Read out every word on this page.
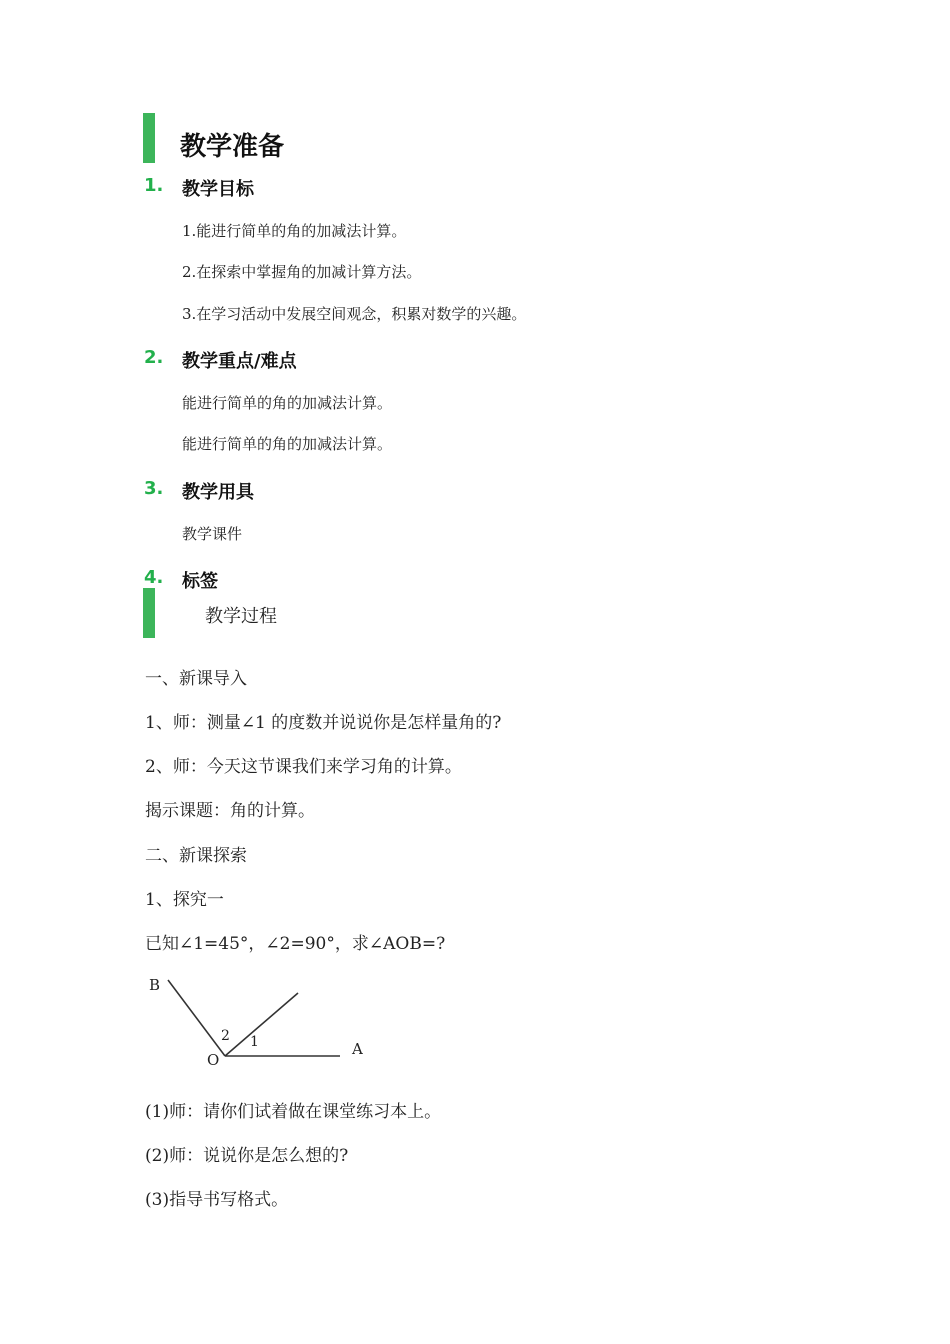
教学准备
1. 教学目标
1.能进行简单的角的加减法计算。
2.在探索中掌握角的加减计算方法。
3.在学习活动中发展空间观念，积累对数学的兴趣。
2. 教学重点/难点
能进行简单的角的加减法计算。
能进行简单的角的加减法计算。
3. 教学用具
教学课件
4. 标签
教学过程
一、新课导入
1、师：测量∠1 的度数并说说你是怎样量角的?
2、师：今天这节课我们来学习角的计算。
揭示课题：角的计算。
二、新课探索
1、探究一
已知∠1=45°，∠2=90°，求∠AOB=?
B
O
A
2 1
(1)师：请你们试着做在课堂练习本上。
(2)师：说说你是怎么想的?
(3)指导书写格式。
